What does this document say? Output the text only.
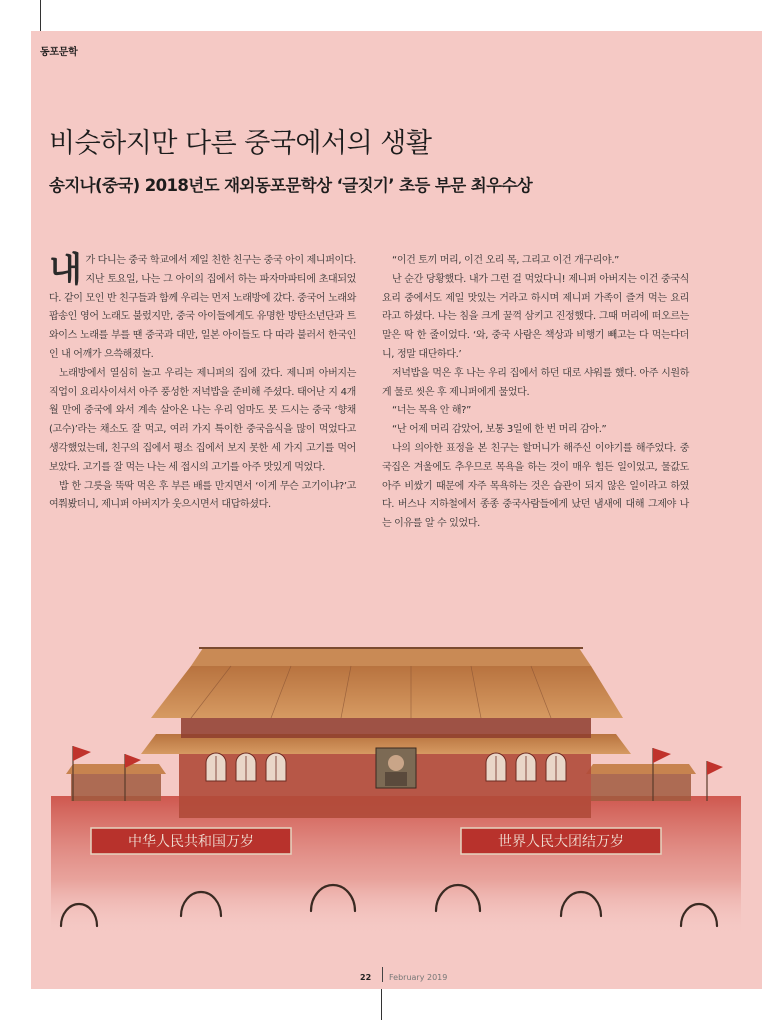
동포문학
비슷하지만 다른 중국에서의 생활
송지나(중국) 2018년도 재외동포문학상 ‘글짓기’ 초등 부문 최우수상

내가 다니는 중국 학교에서 제일 친한 친구는 중국 아이 제니퍼이다. 지난 토요일, 나는 그 아이의 집에서 하는 파자마파티에 초대되었다. 같이 모인 반 친구들과 함께 우리는 먼저 노래방에 갔다. 중국어 노래와 팝송인 영어 노래도 불렀지만, 중국 아이들에게도 유명한 방탄소년단과 트와이스 노래를 부를 땐 중국과 대만, 일본 아이들도 다 따라 불러서 한국인인 내 어깨가 으쓱해졌다.

노래방에서 열심히 놀고 우리는 제니퍼의 집에 갔다. 제니퍼 아버지는 직업이 요리사이셔서 아주 풍성한 저녁밥을 준비해 주셨다. 태어난 지 4개월 만에 중국에 와서 계속 살아온 나는 우리 엄마도 못 드시는 중국 ‘향채(고수)’라는 채소도 잘 먹고, 여러 가지 특이한 중국음식을 많이 먹었다고 생각했었는데, 친구의 집에서 평소 집에서 보지 못한 세 가지 고기를 먹어 보았다. 고기를 잘 먹는 나는 세 접시의 고기를 아주 맛있게 먹었다.

밥 한 그릇을 뚝딱 먹은 후 부른 배를 만지면서 ‘이게 무슨 고기이냐?’고 여쭤봤더니, 제니퍼 아버지가 웃으시면서 대답하셨다.

“이건 토끼 머리, 이건 오리 목, 그리고 이건 개구리야.”

난 순간 당황했다. 내가 그런 걸 먹었다니! 제니퍼 아버지는 이건 중국식 요리 중에서도 제일 맛있는 거라고 하시며 제니퍼 가족이 즐겨 먹는 요리라고 하셨다. 나는 침을 크게 꿀꺽 삼키고 진정했다. 그때 머리에 떠오르는 말은 딱 한 줄이었다. ‘와, 중국 사람은 책상과 비행기 빼고는 다 먹는다더니, 정말 대단하다.’

저녁밥을 먹은 후 나는 우리 집에서 하던 대로 샤워를 했다. 아주 시원하게 물로 씻은 후 제니퍼에게 물었다.

“너는 목욕 안 해?”

“난 어제 머리 감았어, 보통 3일에 한 번 머리 감아.”

나의 의아한 표정을 본 친구는 할머니가 해주신 이야기를 해주었다. 중국집은 겨울에도 추우므로 목욕을 하는 것이 매우 힘든 일이었고, 물값도 아주 비쌌기 때문에 자주 목욕하는 것은 습관이 되지 않은 일이라고 하였다. 버스나 지하철에서 종종 중국사람들에게 났던 냄새에 대해 그제야 나는 이유를 알 수 있었다.

中华人民共和国万岁	世界人民大团结万岁
22 February 2019
